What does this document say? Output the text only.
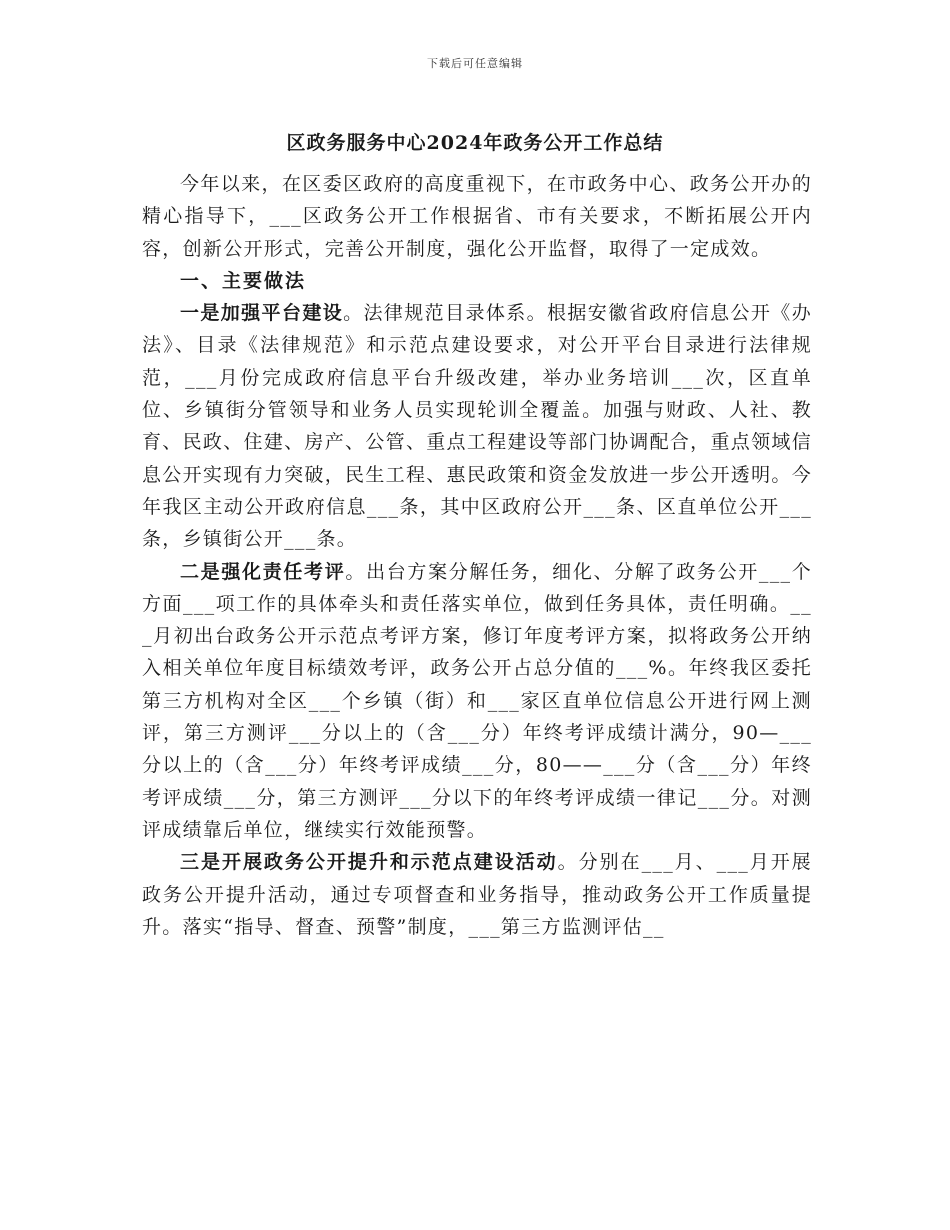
下载后可任意编辑
区政务服务中心2024年政务公开工作总结

今年以来，在区委区政府的高度重视下，在市政务中心、政务公开办的精心指导下，___区政务公开工作根据省、市有关要求，不断拓展公开内容，创新公开形式，完善公开制度，强化公开监督，取得了一定成效。

一、主要做法

一是加强平台建设。法律规范目录体系。根据安徽省政府信息公开《办法》、目录《法律规范》和示范点建设要求，对公开平台目录进行法律规范，___月份完成政府信息平台升级改建，举办业务培训___次，区直单位、乡镇街分管领导和业务人员实现轮训全覆盖。加强与财政、人社、教育、民政、住建、房产、公管、重点工程建设等部门协调配合，重点领域信息公开实现有力突破，民生工程、惠民政策和资金发放进一步公开透明。今年我区主动公开政府信息___条，其中区政府公开___条、区直单位公开___条，乡镇街公开___条。

二是强化责任考评。出台方案分解任务，细化、分解了政务公开___个方面___项工作的具体牵头和责任落实单位，做到任务具体，责任明确。___月初出台政务公开示范点考评方案，修订年度考评方案，拟将政务公开纳入相关单位年度目标绩效考评，政务公开占总分值的___%。年终我区委托第三方机构对全区___个乡镇（街）和___家区直单位信息公开进行网上测评，第三方测评___分以上的（含___分）年终考评成绩计满分，90—___分以上的（含___分）年终考评成绩___分，80——___分（含___分）年终考评成绩___分，第三方测评___分以下的年终考评成绩一律记___分。对测评成绩靠后单位，继续实行效能预警。

三是开展政务公开提升和示范点建设活动。分别在___月、___月开展政务公开提升活动，通过专项督查和业务指导，推动政务公开工作质量提升。落实“指导、督查、预警”制度，___第三方监测评估__
